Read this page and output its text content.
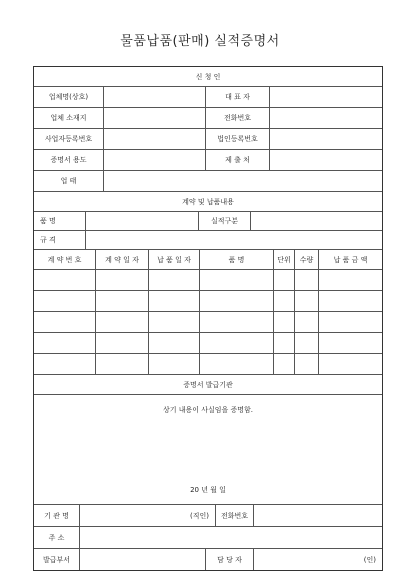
물품납품(판매) 실적증명서
신 청 인
업체명(상호)	대 표 자
업체 소재지	전화번호
사업자등록번호	법인등록번호
증명서 용도	제 출 처
업 태
계약 및 납품내용
품 명	실적구분
규 격
계 약 번 호	계 약 일 자	납 품 일 자	품 명	단위	수량	납 품 금 액
증명서 발급기관
상기 내용이 사실임을 증명함.
20 년 월 일
기 관 명	(직인)	전화번호
주 소
발급부서	담 당 자	(인)
